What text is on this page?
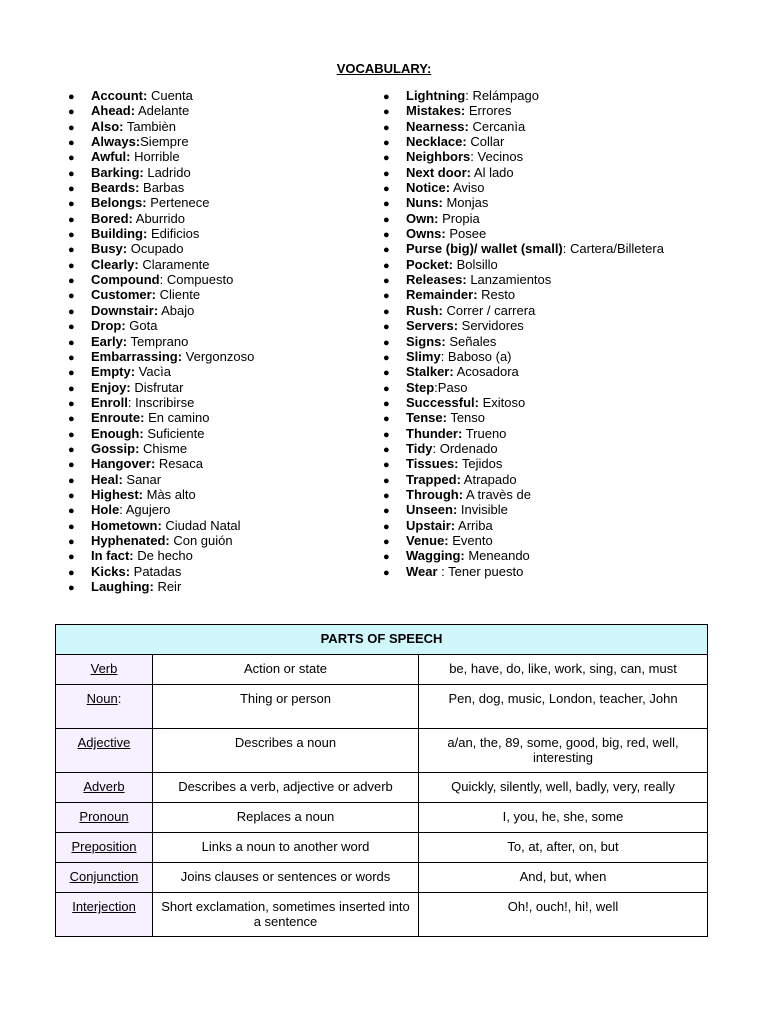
VOCABULARY:
● Account: Cuenta
● Ahead: Adelante
● Also: Tambièn
● Always:Siempre
● Awful: Horrible
● Barking: Ladrido
● Beards: Barbas
● Belongs: Pertenece
● Bored: Aburrido
● Building: Edificios
● Busy: Ocupado
● Clearly: Claramente
● Compound: Compuesto
● Customer: Cliente
● Downstair: Abajo
● Drop: Gota
● Early: Temprano
● Embarrassing: Vergonzoso
● Empty: Vacìa
● Enjoy: Disfrutar
● Enroll: Inscribirse
● Enroute: En camino
● Enough: Suficiente
● Gossip: Chisme
● Hangover: Resaca
● Heal: Sanar
● Highest: Màs alto
● Hole: Agujero
● Hometown: Ciudad Natal
● Hyphenated: Con guión
● In fact: De hecho
● Kicks: Patadas
● Laughing: Reir
● Lightning: Relámpago
● Mistakes: Errores
● Nearness: Cercanìa
● Necklace: Collar
● Neighbors: Vecinos
● Next door: Al lado
● Notice: Aviso
● Nuns: Monjas
● Own: Propia
● Owns: Posee
● Purse (big)/ wallet (small): Cartera/Billetera
● Pocket: Bolsillo
● Releases: Lanzamientos
● Remainder: Resto
● Rush: Correr / carrera
● Servers: Servidores
● Signs: Señales
● Slimy: Baboso (a)
● Stalker: Acosadora
● Step:Paso
● Successful: Exitoso
● Tense: Tenso
● Thunder: Trueno
● Tidy: Ordenado
● Tissues: Tejidos
● Trapped: Atrapado
● Through: A travès de
● Unseen: Invisible
● Upstair: Arriba
● Venue: Evento
● Wagging: Meneando
● Wear : Tener puesto
PARTS OF SPEECH		
Verb	Action or state	be, have, do, like, work, sing, can, must
Noun:	Thing or person	Pen, dog, music, London, teacher, John
Adjective	Describes a noun	a/an, the, 89, some, good, big, red, well, interesting
Adverb	Describes a verb, adjective or adverb	Quickly, silently, well, badly, very, really
Pronoun	Replaces a noun	I, you, he, she, some
Preposition	Links a noun to another word	To, at, after, on, but
Conjunction	Joins clauses or sentences or words	And, but, when
Interjection	Short exclamation, sometimes inserted into a sentence	Oh!, ouch!, hi!, well
